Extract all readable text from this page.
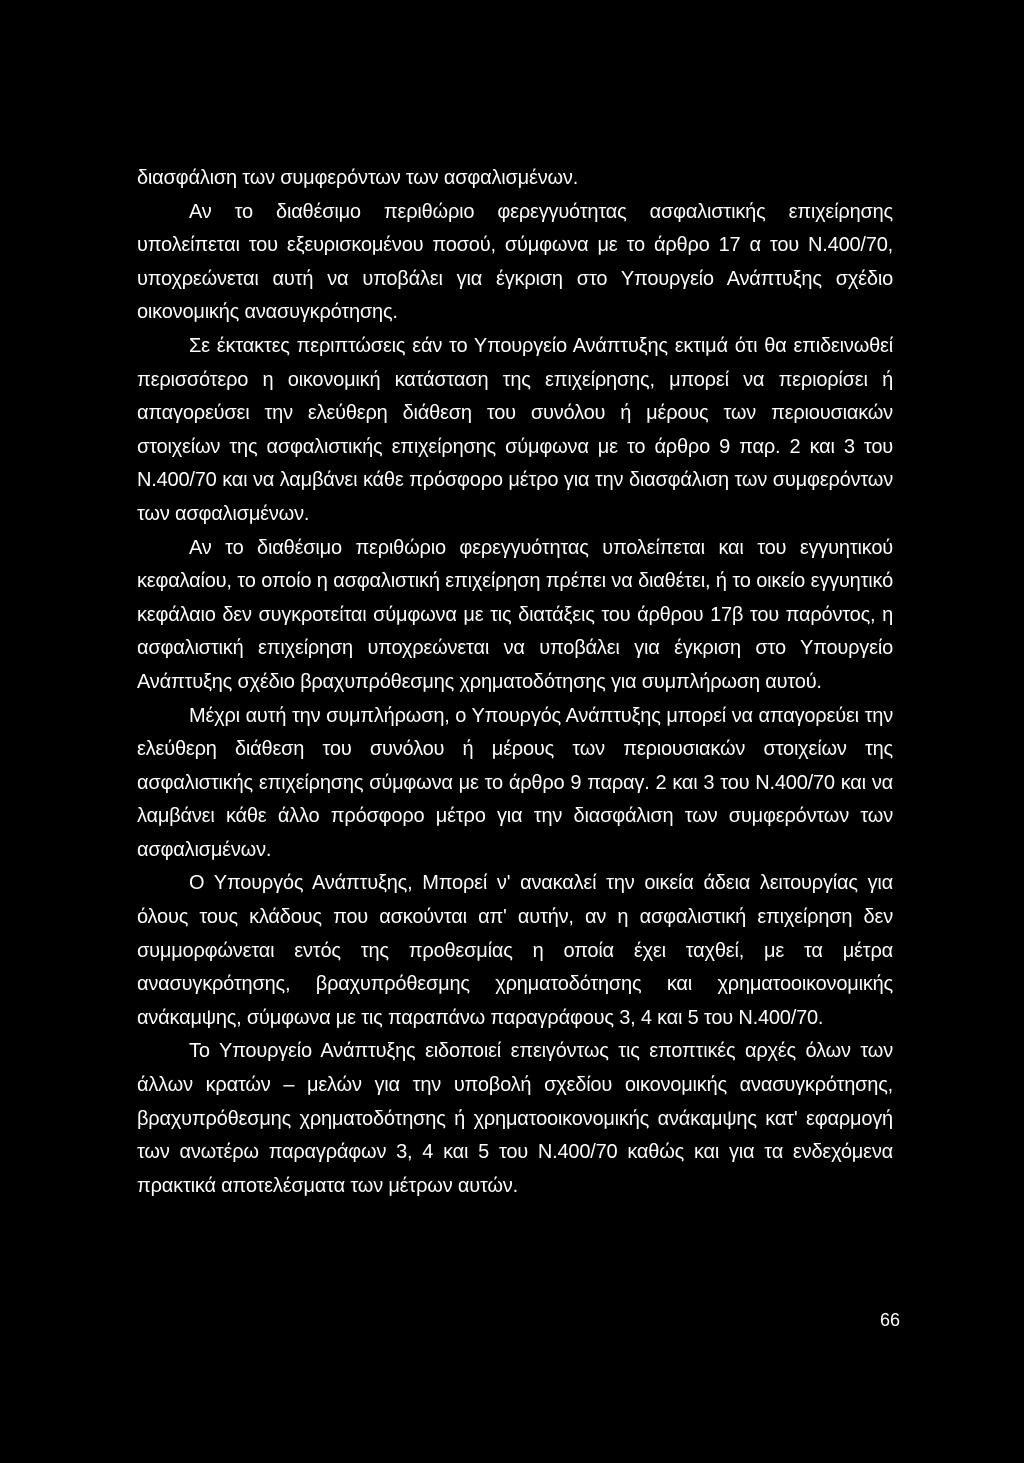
διασφάλιση των συμφερόντων των ασφαλισμένων.

Αν το διαθέσιμο περιθώριο φερεγγυότητας ασφαλιστικής επιχείρησης υπολείπεται του εξευρισκομένου ποσού, σύμφωνα με το άρθρο 17 α του Ν.400/70, υποχρεώνεται αυτή να υποβάλει για έγκριση στο Υπουργείο Ανάπτυξης σχέδιο οικονομικής ανασυγκρότησης.

Σε έκτακτες περιπτώσεις εάν το Υπουργείο Ανάπτυξης εκτιμά ότι θα επιδεινωθεί περισσότερο η οικονομική κατάσταση της επιχείρησης, μπορεί να περιορίσει ή απαγορεύσει την ελεύθερη διάθεση του συνόλου ή μέρους των περιουσιακών στοιχείων της ασφαλιστικής επιχείρησης σύμφωνα με το άρθρο 9 παρ. 2 και 3 του Ν.400/70 και να λαμβάνει κάθε πρόσφορο μέτρο για την διασφάλιση των συμφερόντων των ασφαλισμένων.

Αν το διαθέσιμο περιθώριο φερεγγυότητας υπολείπεται και του εγγυητικού κεφαλαίου, το οποίο η ασφαλιστική επιχείρηση πρέπει να διαθέτει, ή το οικείο εγγυητικό κεφάλαιο δεν συγκροτείται σύμφωνα με τις διατάξεις του άρθρου 17β του παρόντος, η ασφαλιστική επιχείρηση υποχρεώνεται να υποβάλει για έγκριση στο Υπουργείο Ανάπτυξης σχέδιο βραχυπρόθεσμης χρηματοδότησης για συμπλήρωση αυτού.

Μέχρι αυτή την συμπλήρωση, ο Υπουργός Ανάπτυξης μπορεί να απαγορεύει την ελεύθερη διάθεση του συνόλου ή μέρους των περιουσιακών στοιχείων της ασφαλιστικής επιχείρησης σύμφωνα με το άρθρο 9 παραγ. 2 και 3 του Ν.400/70 και να λαμβάνει κάθε άλλο πρόσφορο μέτρο για την διασφάλιση των συμφερόντων των ασφαλισμένων.

Ο Υπουργός Ανάπτυξης, Μπορεί ν' ανακαλεί την οικεία άδεια λειτουργίας για όλους τους κλάδους που ασκούνται απ' αυτήν, αν η ασφαλιστική επιχείρηση δεν συμμορφώνεται εντός της προθεσμίας η οποία έχει ταχθεί, με τα μέτρα ανασυγκρότησης, βραχυπρόθεσμης χρηματοδότησης και χρηματοοικονομικής ανάκαμψης, σύμφωνα με τις παραπάνω παραγράφους 3, 4 και 5 του Ν.400/70.

Το Υπουργείο Ανάπτυξης ειδοποιεί επειγόντως τις εποπτικές αρχές όλων των άλλων κρατών – μελών για την υποβολή σχεδίου οικονομικής ανασυγκρότησης, βραχυπρόθεσμης χρηματοδότησης ή χρηματοοικονομικής ανάκαμψης κατ' εφαρμογή των ανωτέρω παραγράφων 3, 4 και 5 του Ν.400/70 καθώς και για τα ενδεχόμενα πρακτικά αποτελέσματα των μέτρων αυτών.

66
